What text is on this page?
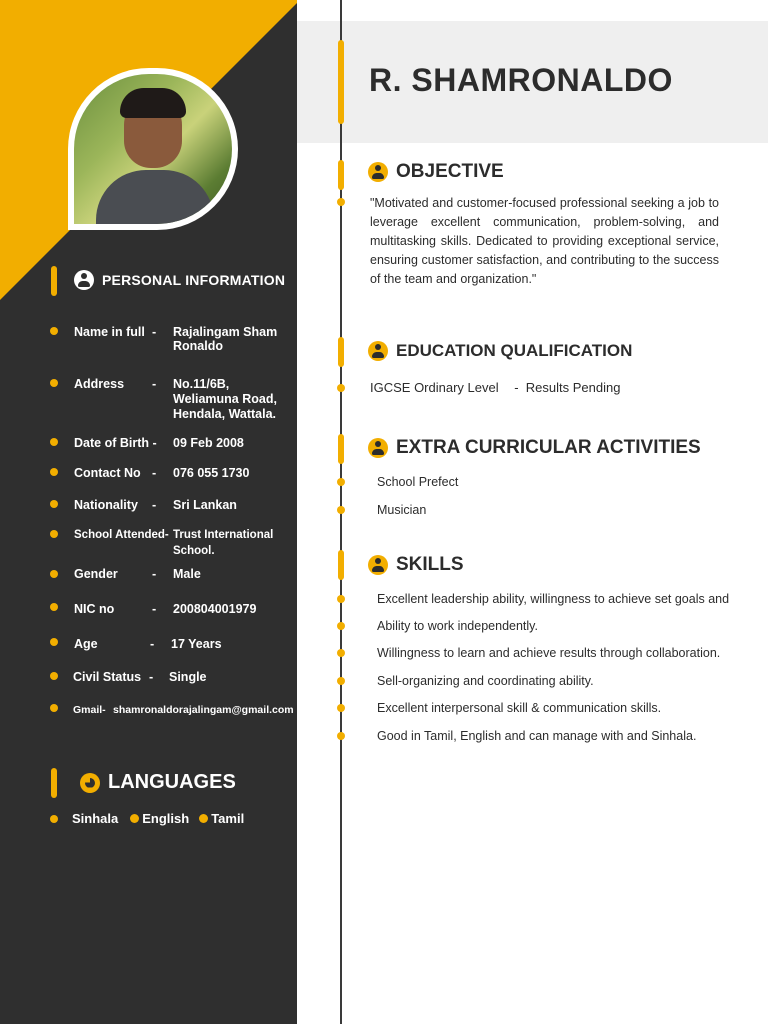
PERSONAL INFORMATION
Name in full - Rajalingam Sham
Ronaldo
Address - No.11/6B,
Weliamuna Road,
Hendala, Wattala.
Date of Birth - 09 Feb 2008
Contact No - 076 055 1730
Nationality - Sri Lankan
School Attended- Trust International
School.
Gender	- Male
NIC no	- 200804001979
Age	- 17 Years
Civil Status - Single
Gmail- shamronaldorajalingam@gmail.com
LANGUAGES
Sinhala English Tamil
R. SHAMRONALDO
OBJECTIVE
"Motivated and customer-focused professional seeking a job to leverage excellent communication, problem-solving, and multitasking skills. Dedicated to providing exceptional service, ensuring customer satisfaction, and contributing to the success of the team and organization."
EDUCATION QUALIFICATION
IGCSE Ordinary Level -  Results Pending
EXTRA CURRICULAR ACTIVITIES
School Prefect
Musician
SKILLS
Excellent leadership ability, willingness to achieve set goals and
Ability to work independently.
Willingness to learn and achieve results through collaboration.
Sell-organizing and coordinating ability.
Excellent interpersonal skill & communication skills.
Good in Tamil, English and can manage with and Sinhala.
